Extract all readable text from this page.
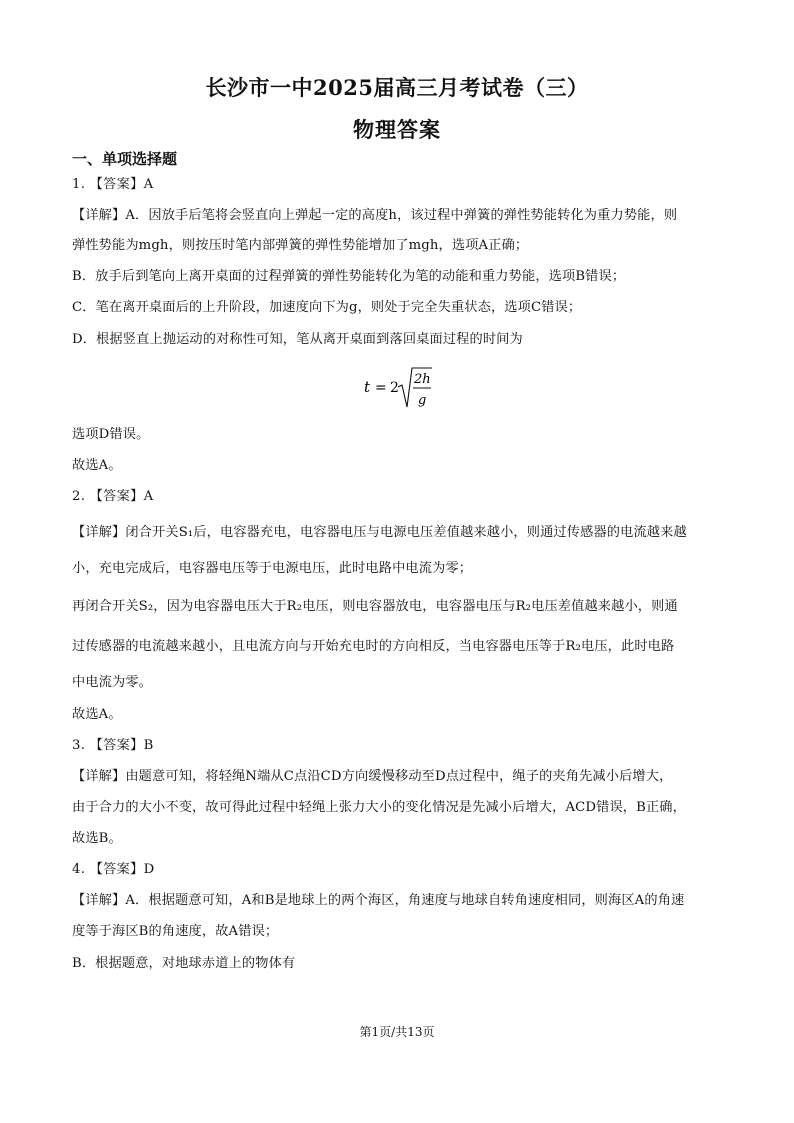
长沙市一中2025届高三月考试卷（三）
物理答案
一、单项选择题
1. 【答案】A
【详解】A．因放手后笔将会竖直向上弹起一定的高度h，该过程中弹簧的弹性势能转化为重力势能，则
弹性势能为mgh，则按压时笔内部弹簧的弹性势能增加了mgh，选项A正确；
B．放手后到笔向上离开桌面的过程弹簧的弹性势能转化为笔的动能和重力势能，选项B错误；
C．笔在离开桌面后的上升阶段，加速度向下为g，则处于完全失重状态，选项C错误；
D．根据竖直上抛运动的对称性可知，笔从离开桌面到落回桌面过程的时间为
t = 2
2h
g
选项D错误。
故选A。
2. 【答案】A
【详解】闭合开关S₁后，电容器充电，电容器电压与电源电压差值越来越小，则通过传感器的电流越来越
小，充电完成后，电容器电压等于电源电压，此时电路中电流为零；
再闭合开关S₂，因为电容器电压大于R₂电压，则电容器放电，电容器电压与R₂电压差值越来越小，则通
过传感器的电流越来越小，且电流方向与开始充电时的方向相反，当电容器电压等于R₂电压，此时电路
中电流为零。
故选A。
3. 【答案】B
【详解】由题意可知，将轻绳N端从C点沿CD方向缓慢移动至D点过程中，绳子的夹角先减小后增大，
由于合力的大小不变，故可得此过程中轻绳上张力大小的变化情况是先减小后增大，ACD错误，B正确，
故选B。
4. 【答案】D
【详解】A．根据题意可知，A和B是地球上的两个海区，角速度与地球自转角速度相同，则海区A的角速
度等于海区B的角速度，故A错误；
B．根据题意，对地球赤道上的物体有
第1页/共13页
